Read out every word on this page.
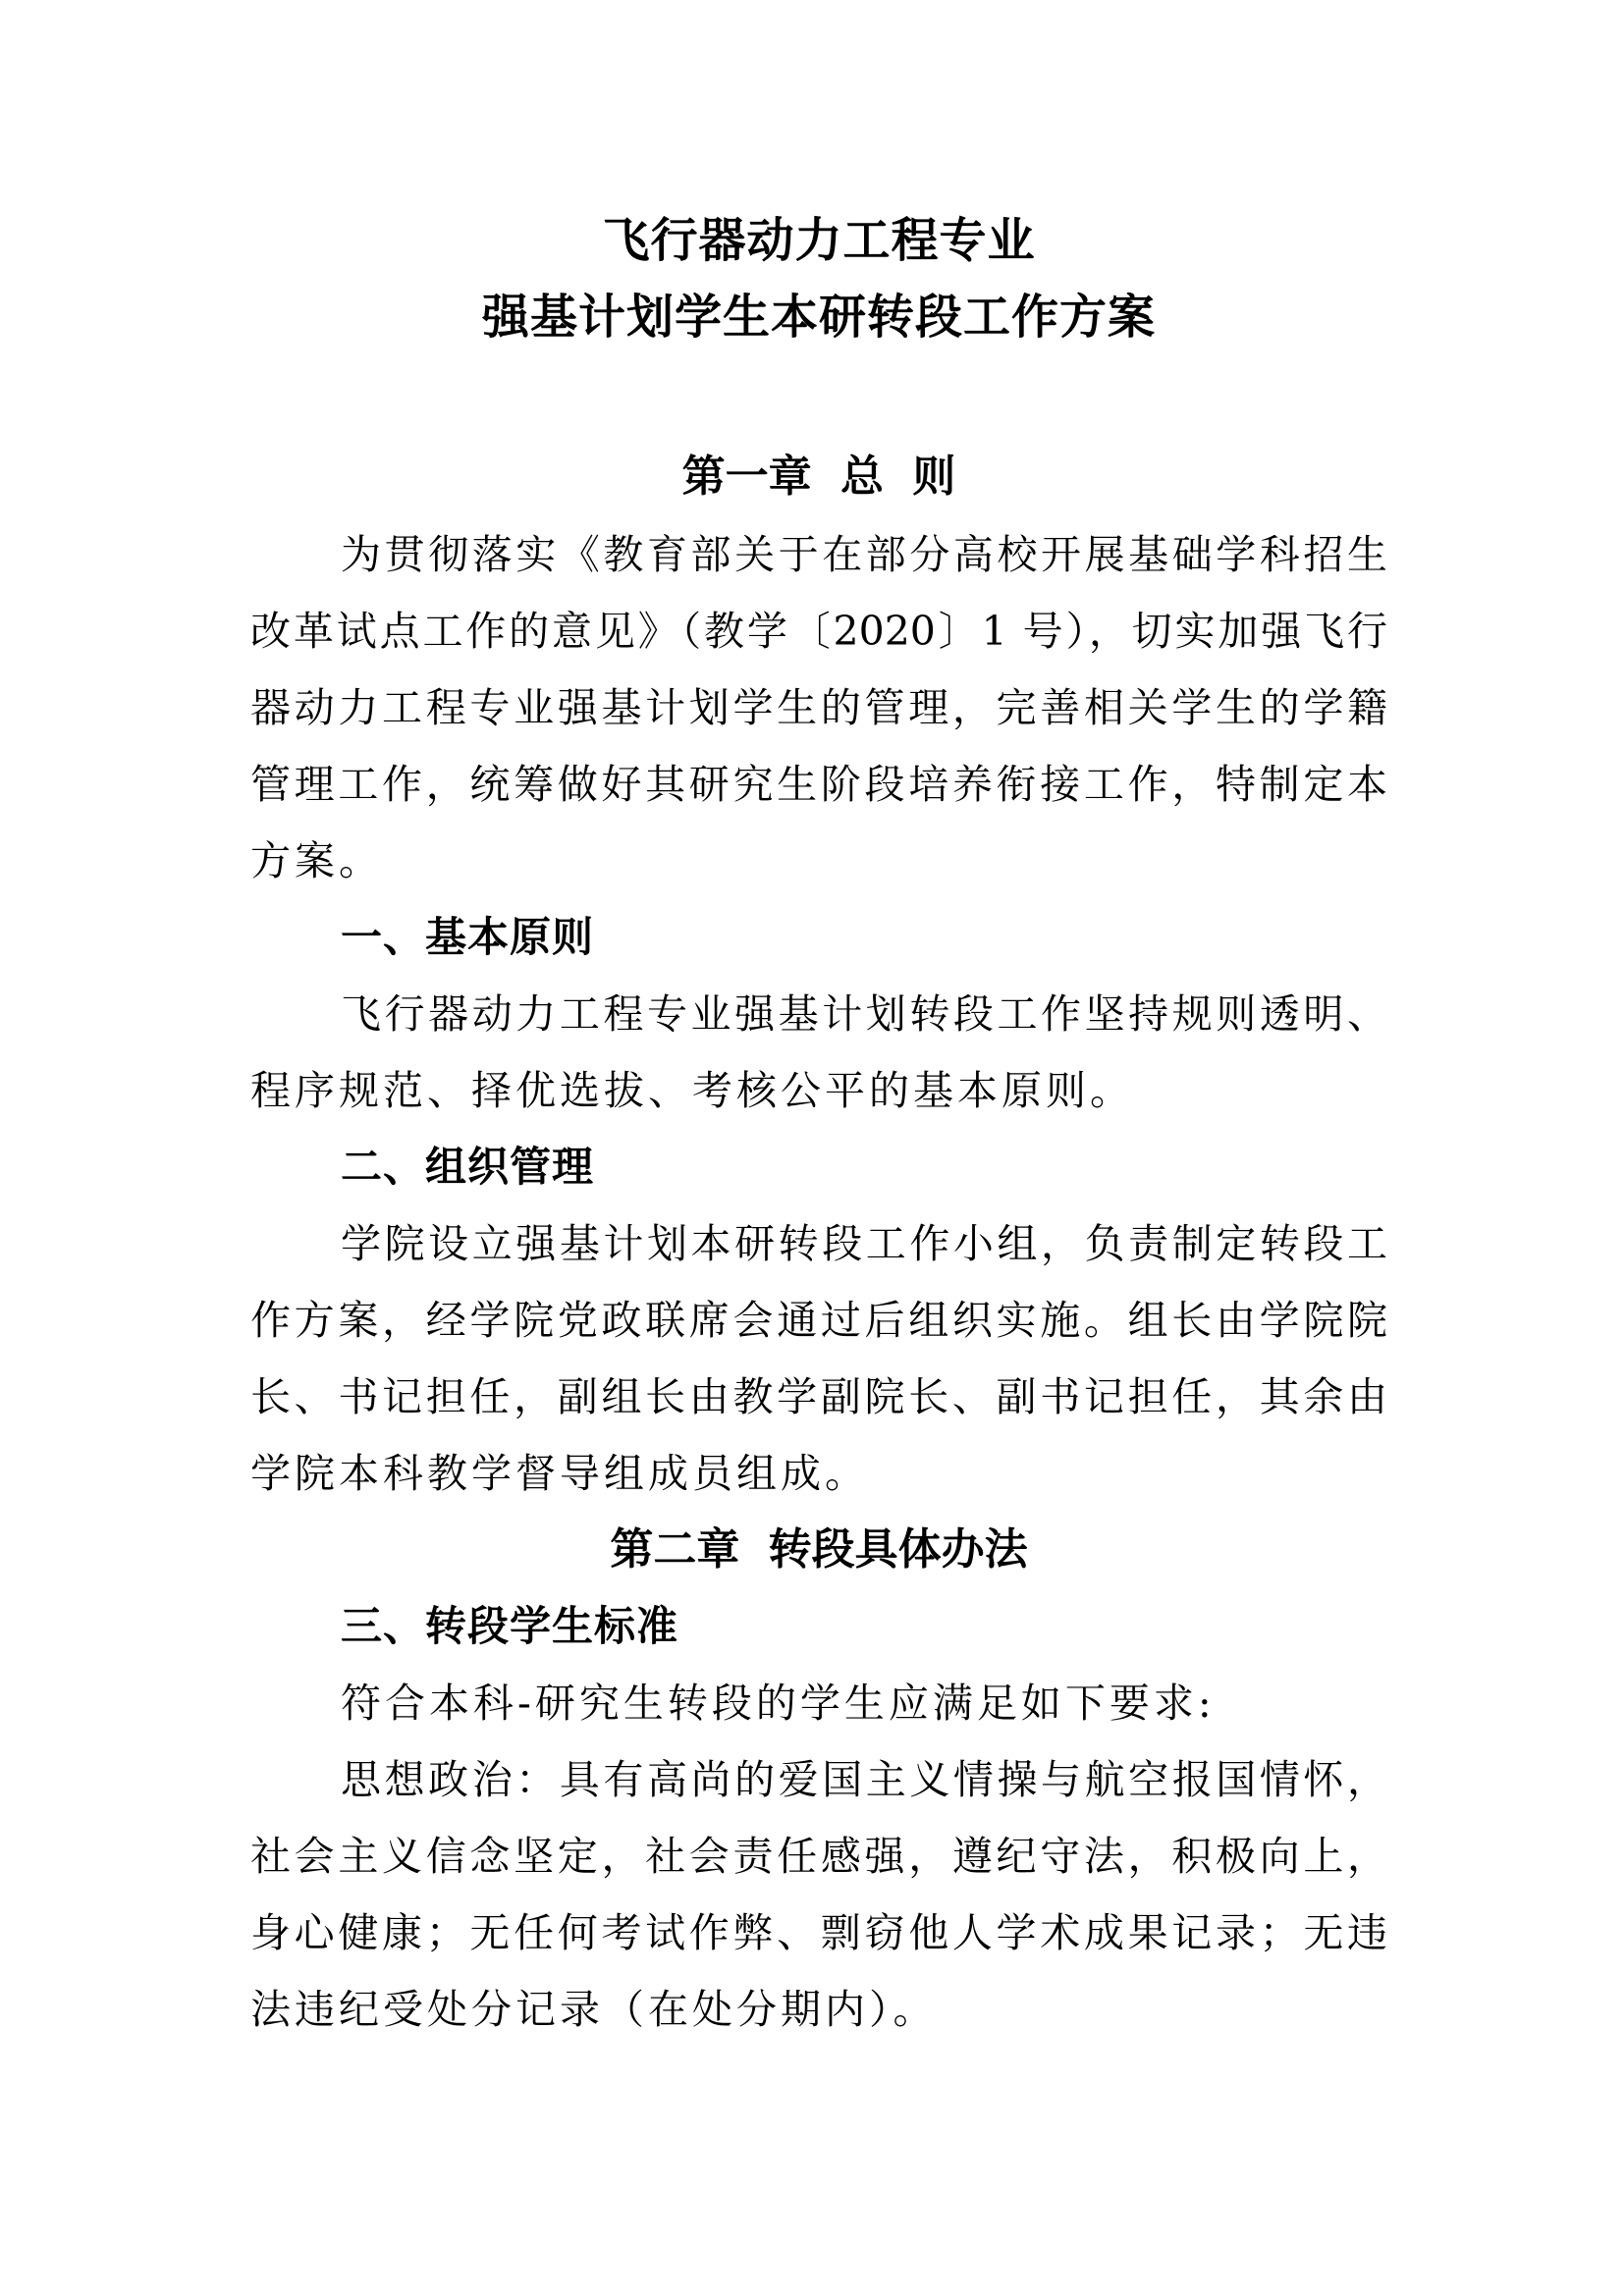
飞行器动力工程专业
强基计划学生本研转段工作方案
第一章 总 则
为贯彻落实《教育部关于在部分高校开展基础学科招生
改革试点工作的意见》（教学〔2020〕1 号），切实加强飞行
器动力工程专业强基计划学生的管理，完善相关学生的学籍
管理工作，统筹做好其研究生阶段培养衔接工作，特制定本
方案。
一、基本原则
飞行器动力工程专业强基计划转段工作坚持规则透明、
程序规范、择优选拔、考核公平的基本原则。
二、组织管理
学院设立强基计划本研转段工作小组，负责制定转段工
作方案，经学院党政联席会通过后组织实施。组长由学院院
长、书记担任，副组长由教学副院长、副书记担任，其余由
学院本科教学督导组成员组成。
第二章 转段具体办法
三、转段学生标准
符合本科-研究生转段的学生应满足如下要求:
思想政治：具有高尚的爱国主义情操与航空报国情怀，
社会主义信念坚定，社会责任感强，遵纪守法，积极向上，
身心健康；无任何考试作弊、剽窃他人学术成果记录；无违
法违纪受处分记录（在处分期内）。
